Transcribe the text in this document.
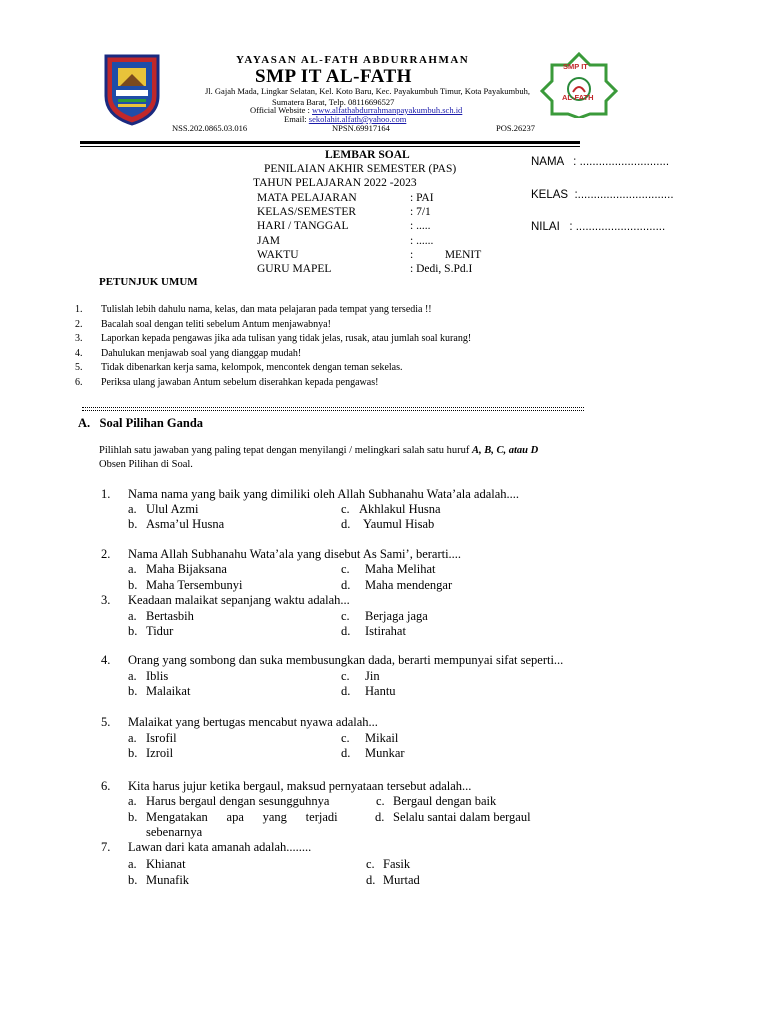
YAYASAN AL-FATH ABDURRAHMAN
SMP IT AL-FATH
Jl. Gajah Mada, Lingkar Selatan, Kel. Koto Baru, Kec. Payakumbuh Timur, Kota Payakumbuh,
Sumatera Barat, Telp. 08116696527
Official Website : www.alfathabdurrahmanpayakumbuh.sch.id
Email: sekolahit.alfath@yahoo.com
NSS.202.0865.03.016	NPSN.69917164	POS.26237
SMP IT
AL-FATH
LEMBAR SOAL
PENILAIAN AKHIR SEMESTER (PAS)
TAHUN PELAJARAN 2022 -2023
MATA PELAJARAN	: PAI
KELAS/SEMESTER	: 7/1
HARI / TANGGAL	: .....
JAM	: ......
WAKTU	:           MENIT
GURU MAPEL	: Dedi, S.Pd.I
NAMA   : ............................
KELAS  :..............................
NILAI   : ............................
PETUNJUK UMUM
1. Tulislah lebih dahulu nama, kelas, dan mata pelajaran pada tempat yang tersedia !!
2. Bacalah soal dengan teliti sebelum Antum menjawabnya!
3. Laporkan kepada pengawas jika ada tulisan yang tidak jelas, rusak, atau jumlah soal kurang!
4. Dahulukan menjawab soal yang dianggap mudah!
5. Tidak dibenarkan kerja sama, kelompok, mencontek dengan teman sekelas.
6. Periksa ulang jawaban Antum sebelum diserahkan kepada pengawas!
A.   Soal Pilihan Ganda
Pilihlah satu jawaban yang paling tepat dengan menyilangi / melingkari salah satu huruf A, B, C, atau D
Obsen Pilihan di Soal.
1. Nama nama yang baik yang dimiliki oleh Allah Subhanahu Wata’ala adalah....
a. Ulul Azmi	c. Akhlakul Husna
b. Asma’ul Husna	d. Yaumul Hisab
2. Nama Allah Subhanahu Wata’ala yang disebut As Sami’, berarti....
a. Maha Bijaksana	c. Maha Melihat
b. Maha Tersembunyi	d. Maha mendengar
3. Keadaan malaikat sepanjang waktu adalah...
a. Bertasbih	c. Berjaga jaga
b. Tidur	d. Istirahat
4. Orang yang sombong dan suka membusungkan dada, berarti mempunyai sifat seperti...
a. Iblis	c. Jin
b. Malaikat	d. Hantu
5. Malaikat yang bertugas mencabut nyawa adalah...
a. Isrofil	c. Mikail
b. Izroil	d. Munkar
6. Kita harus jujur ketika bergaul, maksud pernyataan tersebut adalah...
a. Harus bergaul dengan sesungguhnya	c. Bergaul dengan baik
b. Mengatakan      apa      yang      terjadi
sebenarnya
d. Selalu santai dalam bergaul
7. Lawan dari kata amanah adalah........
a. Khianat	c. Fasik
b. Munafik	d. Murtad
